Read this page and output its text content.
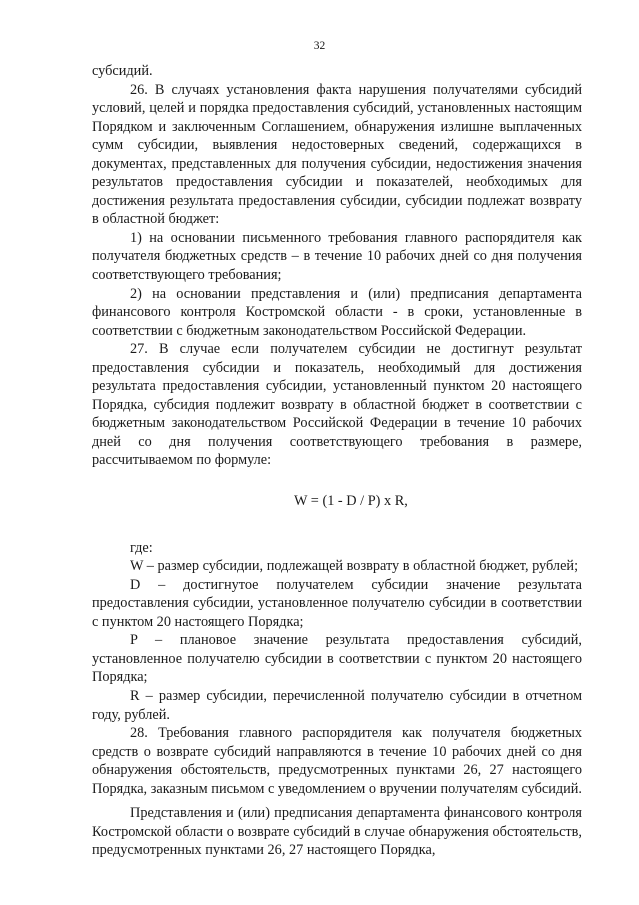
32

субсидий.

26. В случаях установления факта нарушения получателями субсидий условий, целей и порядка предоставления субсидий, установленных настоящим Порядком и заключенным Соглашением, обнаружения излишне выплаченных сумм субсидии, выявления недостоверных сведений, содержащихся в документах, представленных для получения субсидии, недостижения значения результатов предоставления субсидии и показателей, необходимых для достижения результата предоставления субсидии, субсидии подлежат возврату в областной бюджет:

1) на основании письменного требования главного распорядителя как получателя бюджетных средств – в течение 10 рабочих дней со дня получения соответствующего требования;

2) на основании представления и (или) предписания департамента финансового контроля Костромской области - в сроки, установленные в соответствии с бюджетным законодательством Российской Федерации.

27. В случае если получателем субсидии не достигнут результат предоставления субсидии и показатель, необходимый для достижения результата предоставления субсидии, установленный пунктом 20 настоящего Порядка, субсидия подлежит возврату в областной бюджет в соответствии с бюджетным законодательством Российской Федерации в течение 10 рабочих дней со дня получения соответствующего требования в размере, рассчитываемом по формуле:

W = (1 - D / P) x R,

где:

W – размер субсидии, подлежащей возврату в областной бюджет, рублей;

D – достигнутое получателем субсидии значение результата предоставления субсидии, установленное получателю субсидии в соответствии с пунктом 20 настоящего Порядка;

P – плановое значение результата предоставления субсидий, установленное получателю субсидии в соответствии с пунктом 20 настоящего Порядка;

R – размер субсидии, перечисленной получателю субсидии в отчетном году, рублей.

28. Требования главного распорядителя как получателя бюджетных средств о возврате субсидий направляются в течение 10 рабочих дней со дня обнаружения обстоятельств, предусмотренных пунктами 26, 27 настоящего Порядка, заказным письмом с уведомлением о вручении получателям субсидий.

Представления и (или) предписания департамента финансового контроля Костромской области о возврате субсидий в случае обнаружения обстоятельств, предусмотренных пунктами 26, 27 настоящего Порядка,
